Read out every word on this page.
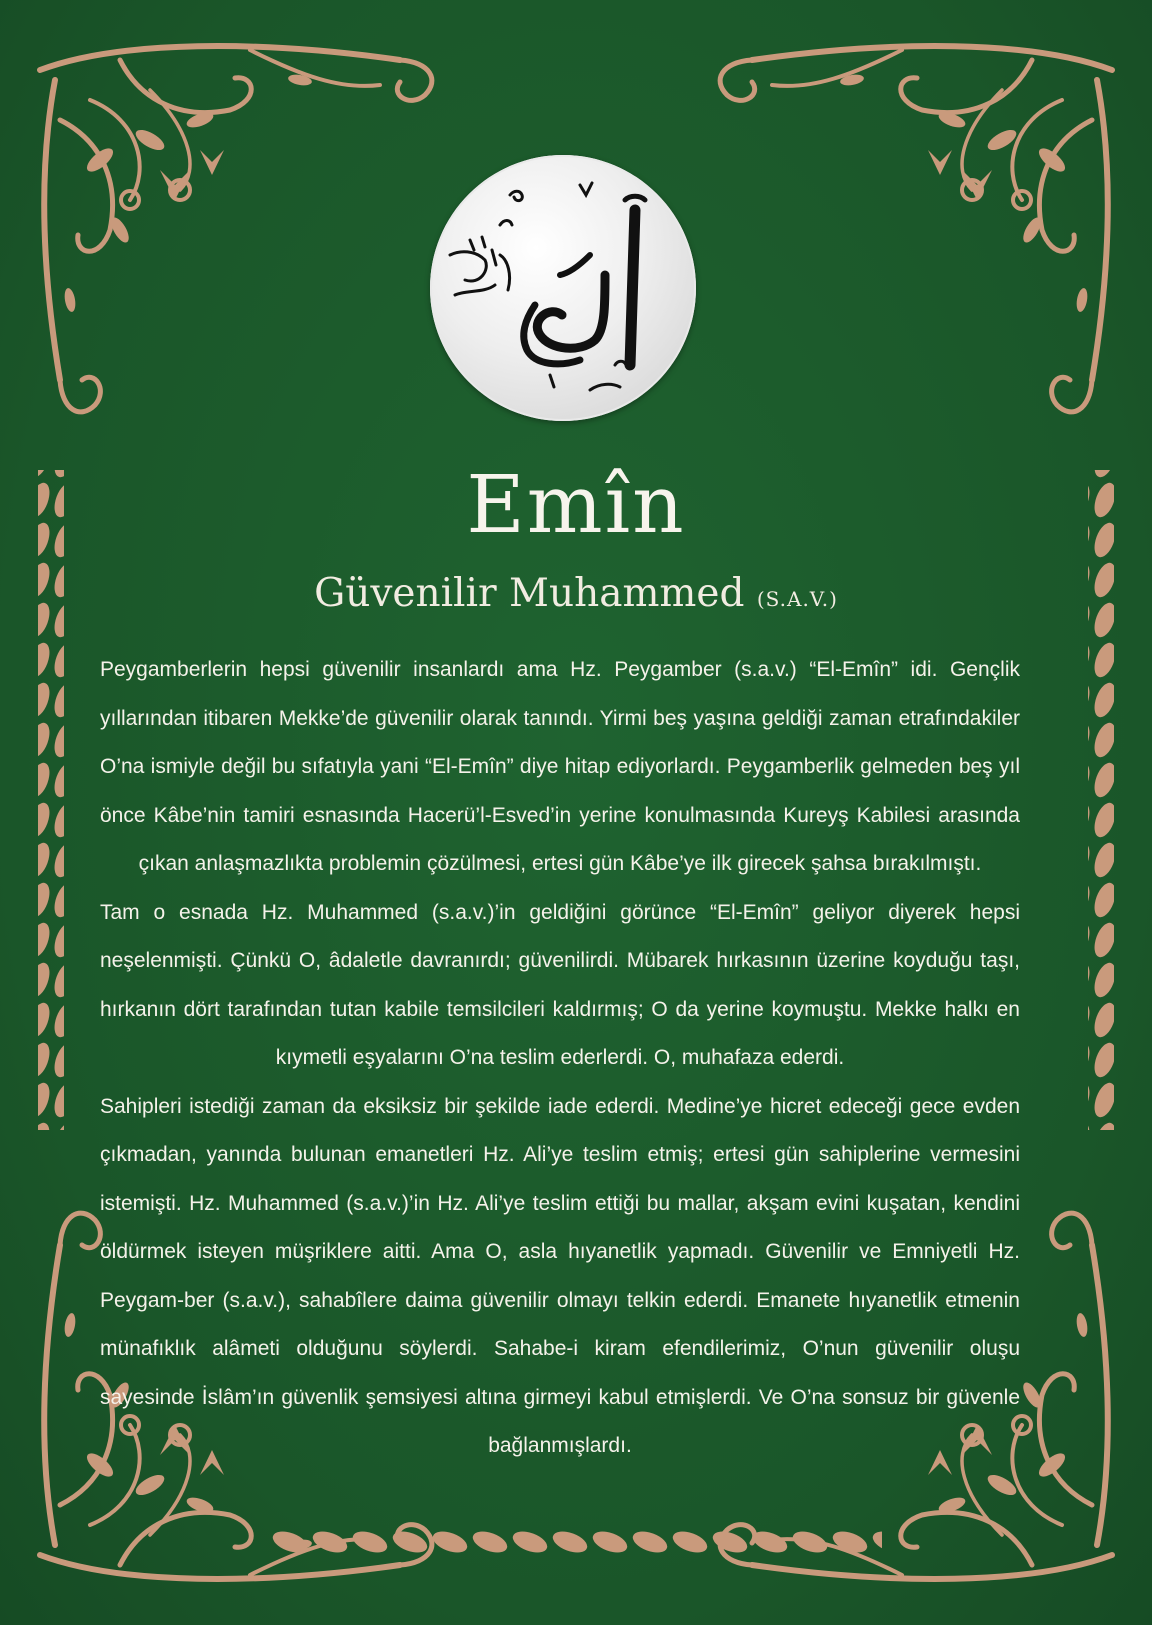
Emîn
Güvenilir Muhammed (S.A.V.)

Peygamberlerin hepsi güvenilir insanlardı ama Hz. Peygamber (s.a.v.) “El-Emîn” idi. Gençlik yıllarından itibaren Mekke’de güvenilir olarak tanındı. Yirmi beş yaşına geldiği zaman etrafındakiler O’na ismiyle değil bu sıfatıyla yani “El-Emîn” diye hitap ediyorlardı. Peygamberlik gelmeden beş yıl önce Kâbe’nin tamiri esnasında Hacerü’l-Esved’in yerine konulmasında Kureyş Kabilesi arasında çıkan anlaşmazlıkta problemin çözülmesi, ertesi gün Kâbe’ye ilk girecek şahsa bırakılmıştı.

Tam o esnada Hz. Muhammed (s.a.v.)’in geldiğini görünce “El-Emîn” geliyor diyerek hepsi neşelenmişti. Çünkü O, âdaletle davranırdı; güvenilirdi. Mübarek hırkasının üzerine koyduğu taşı, hırkanın dört tarafından tutan kabile temsilcileri kaldırmış; O da yerine koymuştu. Mekke halkı en kıymetli eşyalarını O’na teslim ederlerdi. O, muhafaza ederdi.

Sahipleri istediği zaman da eksiksiz bir şekilde iade ederdi. Medine’ye hicret edeceği gece evden çıkmadan, yanında bulunan emanetleri Hz. Ali’ye teslim etmiş; ertesi gün sahiplerine vermesini istemişti. Hz. Muhammed (s.a.v.)’in Hz. Ali’ye teslim ettiği bu mallar, akşam evini kuşatan, kendini öldürmek isteyen müşriklere aitti. Ama O, asla hıyanetlik yapmadı. Güvenilir ve Emniyetli Hz. Peygam-ber (s.a.v.), sahabîlere daima güvenilir olmayı telkin ederdi. Emanete hıyanetlik etmenin münafıklık alâmeti olduğunu söylerdi. Sahabe-i kiram efendilerimiz, O’nun güvenilir oluşu sayesinde İslâm’ın güvenlik şemsiyesi altına girmeyi kabul etmişlerdi. Ve O’na sonsuz bir güvenle bağlanmışlardı.
